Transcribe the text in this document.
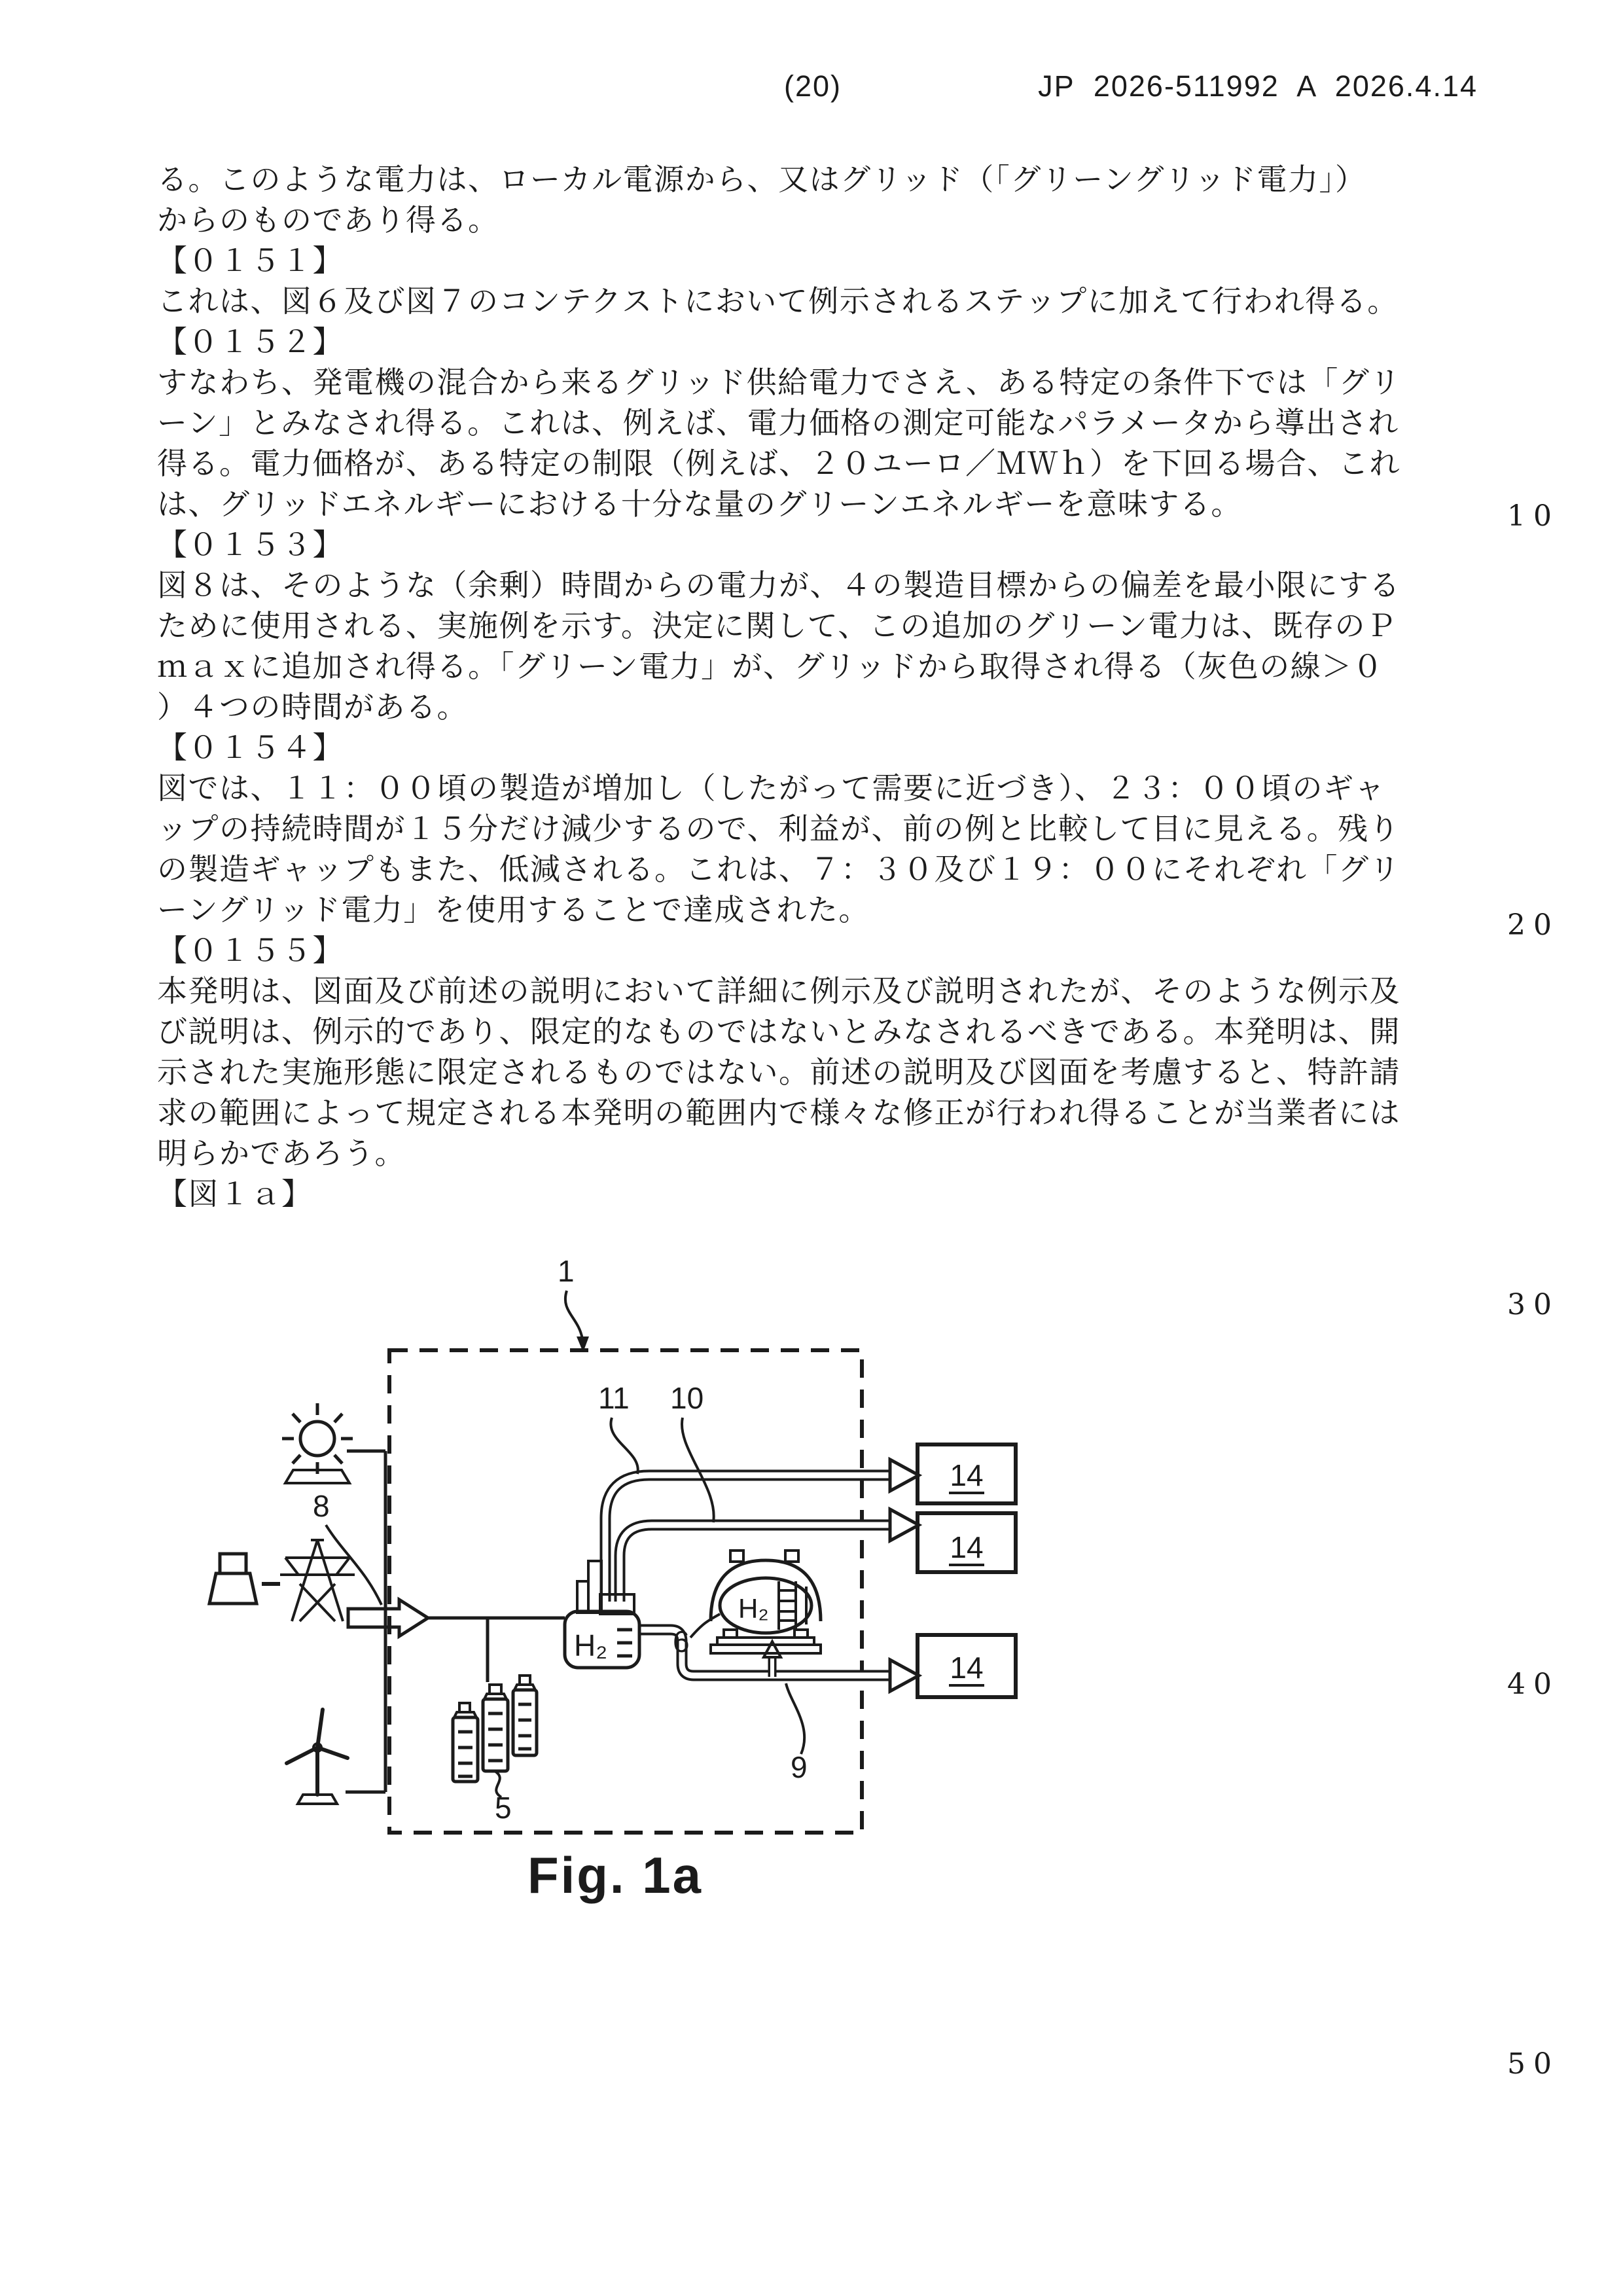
(20)	JP  2026-511992  A  2026.4.14
る。このような電力は、ローカル電源から、又はグリッド（「グリーングリッド電力」）
からのものであり得る。
【０１５１】
これは、図６及び図７のコンテクストにおいて例示されるステップに加えて行われ得る。
【０１５２】
すなわち、発電機の混合から来るグリッド供給電力でさえ、ある特定の条件下では「グリ
ーン」とみなされ得る。これは、例えば、電力価格の測定可能なパラメータから導出され
得る。電力価格が、ある特定の制限（例えば、２０ユーロ／ＭＷｈ）を下回る場合、これ
は、グリッドエネルギーにおける十分な量のグリーンエネルギーを意味する。
【０１５３】
図８は、そのような（余剰）時間からの電力が、４の製造目標からの偏差を最小限にする
ために使用される、実施例を示す。決定に関して、この追加のグリーン電力は、既存のＰ
ｍａｘに追加され得る。「グリーン電力」が、グリッドから取得され得る（灰色の線＞０
）４つの時間がある。
【０１５４】
図では、１１：００頃の製造が増加し（したがって需要に近づき）、２３：００頃のギャ
ップの持続時間が１５分だけ減少するので、利益が、前の例と比較して目に見える。残り
の製造ギャップもまた、低減される。これは、７：３０及び１９：００にそれぞれ「グリ
ーングリッド電力」を使用することで達成された。
【０１５５】
本発明は、図面及び前述の説明において詳細に例示及び説明されたが、そのような例示及
び説明は、例示的であり、限定的なものではないとみなされるべきである。本発明は、開
示された実施形態に限定されるものではない。前述の説明及び図面を考慮すると、特許請
求の範囲によって規定される本発明の範囲内で様々な修正が行われ得ることが当業者には
明らかであろう。
【図１ａ】
10
20
30
40
50
1
8
5
H₂
H₂
6
9
11 10
14
14
14
Fig. 1a
